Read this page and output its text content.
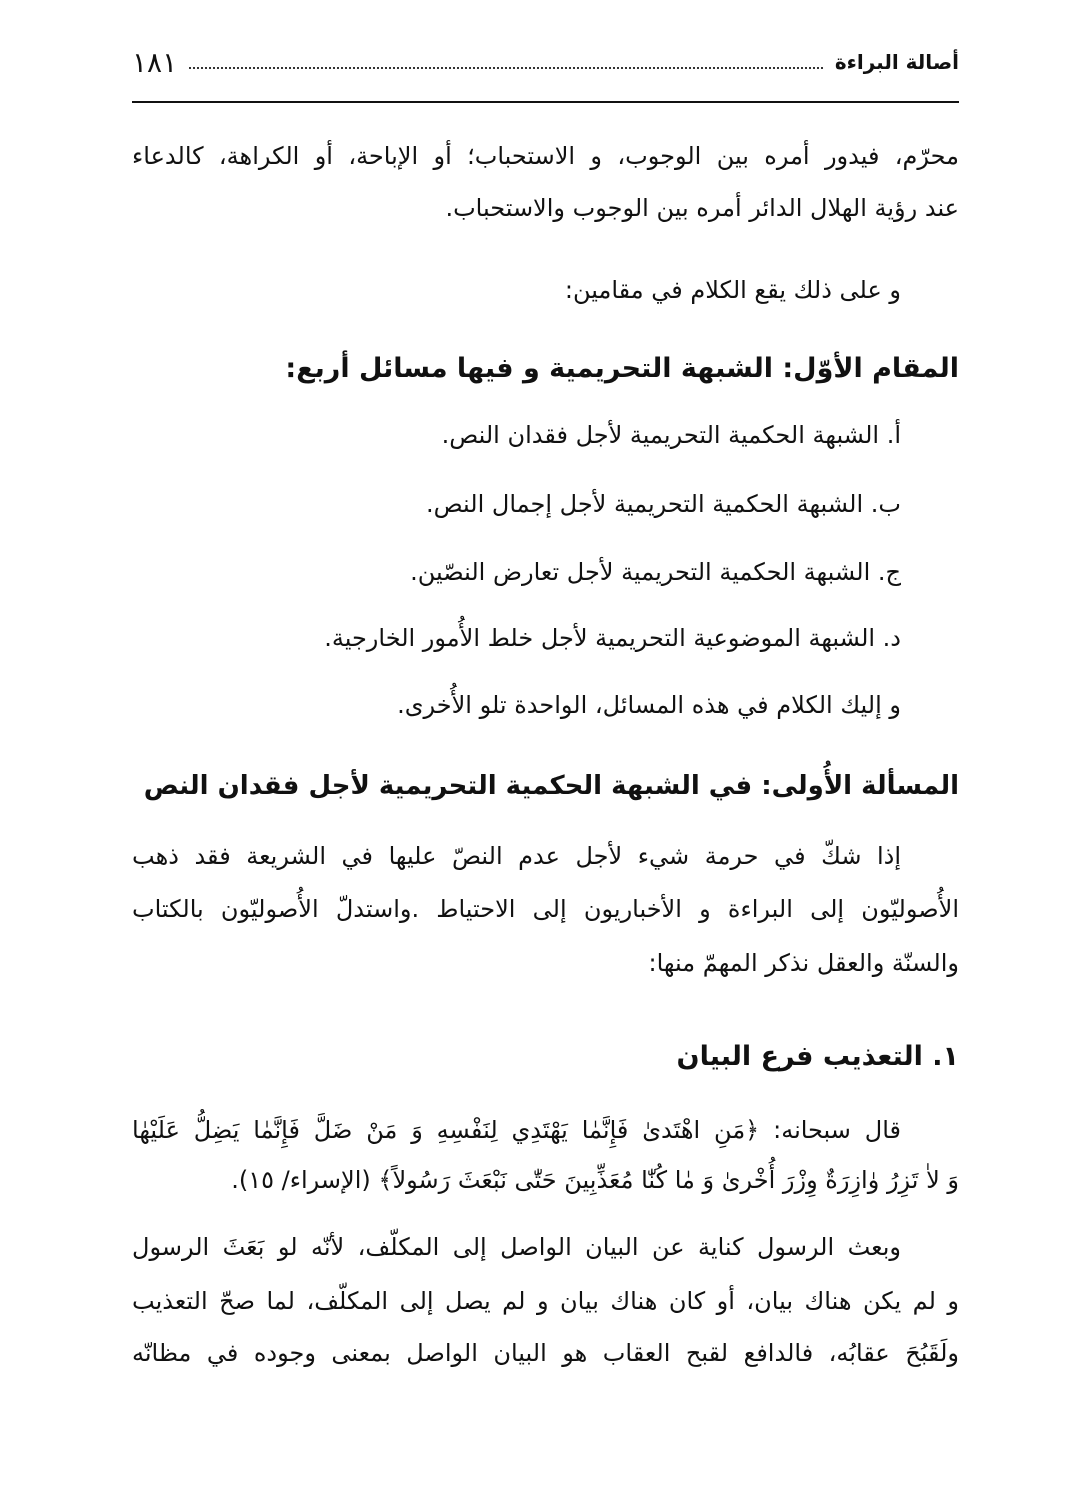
أصالة البراءة
١٨١
محرّم، فيدور أمره بين الوجوب، و الاستحباب؛ أو الإباحة، أو الكراهة، كالدعاء
عند رؤية الهلال الدائر أمره بين الوجوب والاستحباب.
و على ذلك يقع الكلام في مقامين:
المقام الأوّل: الشبهة التحريمية و فيها مسائل أربع:
أ. الشبهة الحكمية التحريمية لأجل فقدان النص.
ب. الشبهة الحكمية التحريمية لأجل إجمال النص.
ج. الشبهة الحكمية التحريمية لأجل تعارض النصّين.
د. الشبهة الموضوعية التحريمية لأجل خلط الأُمور الخارجية.
و إليك الكلام في هذه المسائل، الواحدة تلو الأُخرى.
المسألة الأُولى: في الشبهة الحكمية التحريمية لأجل فقدان النص
إذا شكّ في حرمة شيء لأجل عدم النصّ عليها في الشريعة فقد ذهب
الأُصوليّون إلى البراءة و الأخباريون إلى الاحتياط .واستدلّ الأُصوليّون بالكتاب
والسنّة والعقل نذكر المهمّ منها:
١. التعذيب فرع البيان
قال سبحانه: ﴿مَنِ اهْتَدىٰ فَإِنَّمٰا يَهْتَدِي لِنَفْسِهِ وَ مَنْ ضَلَّ فَإِنَّمٰا يَضِلُّ عَلَيْهٰا
وَ لاٰ تَزِرُ وٰازِرَةٌ وِزْرَ أُخْرىٰ وَ مٰا كُنّٰا مُعَذِّبِينَ حَتّٰى نَبْعَثَ رَسُولاً﴾ (الإسراء/ ١٥).
وبعث الرسول كناية عن البيان الواصل إلى المكلّف، لأنّه لو بَعَثَ الرسول
و لم يكن هناك بيان، أو كان هناك بيان و لم يصل إلى المكلّف، لما صحّ التعذيب
ولَقَبُحَ عقابُه، فالدافع لقبح العقاب هو البيان الواصل بمعنى وجوده في مظانّه
